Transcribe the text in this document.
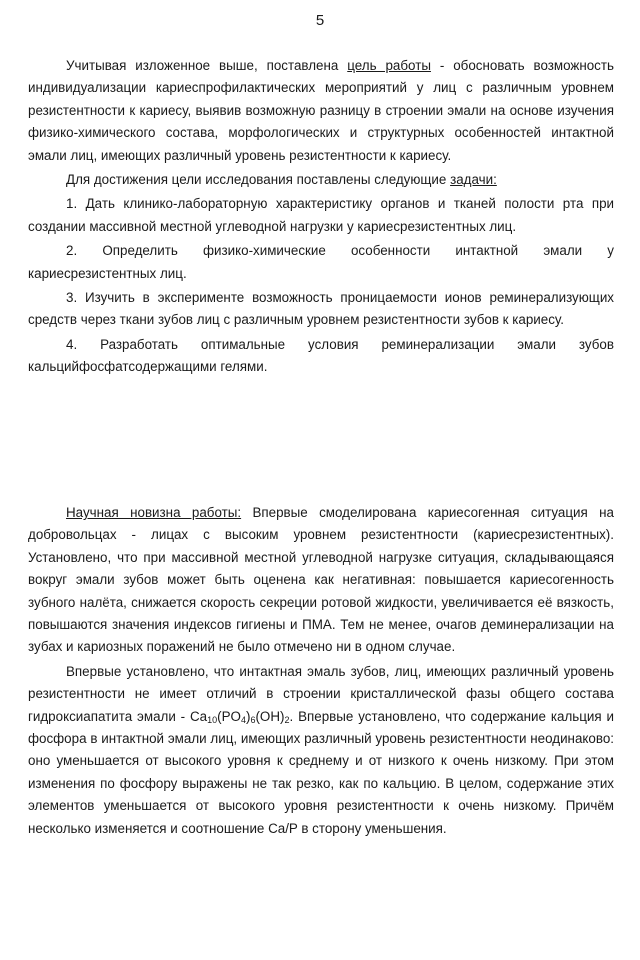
5

Учитывая изложенное выше, поставлена цель работы - обосновать возможность индивидуализации кариеспрофилактических мероприятий у лиц с различным уровнем резистентности к кариесу, выявив возможную разницу в строении эмали на основе изучения физико-химического состава, морфологических и структурных особенностей интактной эмали лиц, имеющих различный уровень резистентности к кариесу.

Для достижения цели исследования поставлены следующие задачи:

1. Дать клинико-лабораторную характеристику органов и тканей полости рта при создании массивной местной углеводной нагрузки у кариесрезистентных лиц.

2. Определить физико-химические особенности интактной эмали у кариесрезистентных лиц.

3. Изучить в эксперименте возможность проницаемости ионов реминерализующих средств через ткани зубов лиц с различным уровнем резистентности зубов к кариесу.

4. Разработать оптимальные условия реминерализации эмали зубов кальцийфосфатсодержащими гелями.

Научная новизна работы: Впервые смоделирована кариесогенная ситуация на добровольцах - лицах с высоким уровнем резистентности (кариесрезистентных). Установлено, что при массивной местной углеводной нагрузке ситуация, складывающаяся вокруг эмали зубов может быть оценена как негативная: повышается кариесогенность зубного налёта, снижается скорость секреции ротовой жидкости, увеличивается её вязкость, повышаются значения индексов гигиены и ПМА. Тем не менее, очагов деминерализации на зубах и кариозных поражений не было отмечено ни в одном случае.

Впервые установлено, что интактная эмаль зубов, лиц, имеющих различный уровень резистентности не имеет отличий в строении кристаллической фазы общего состава гидроксиапатита эмали - $Ca_{10}(PO_4)_6(OH)_2$. Впервые установлено, что содержание кальция и фосфора в интактной эмали лиц, имеющих различный уровень резистентности неодинаково: оно уменьшается от высокого уровня к среднему и от низкого к очень низкому. При этом изменения по фосфору выражены не так резко, как по кальцию. В целом, содержание этих элементов уменьшается от высокого уровня резистентности к очень низкому. Причём несколько изменяется и соотношение Ca/P в сторону уменьшения.
